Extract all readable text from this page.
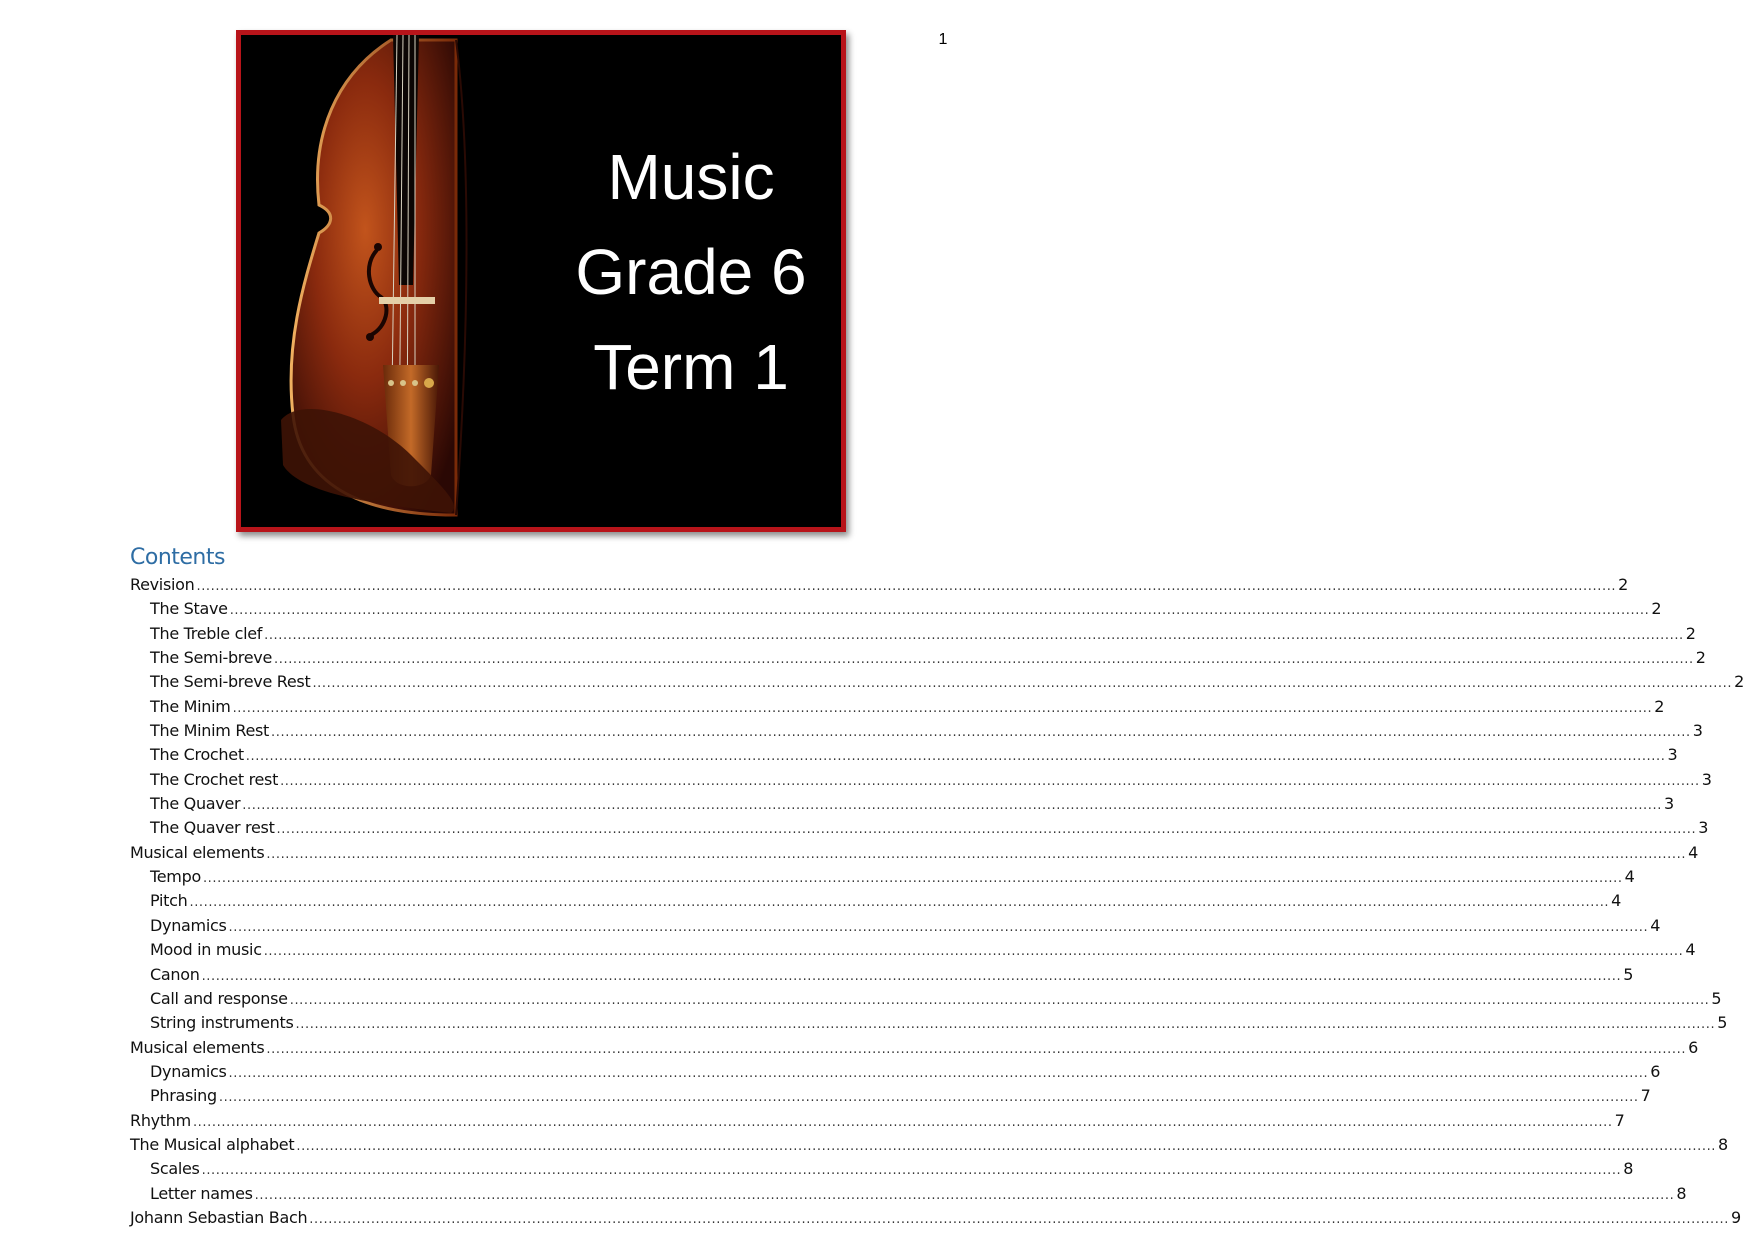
1
Music
Grade 6
Term 1
Contents
Revision ............................................................................................................................................................................................................................................................................................................ 2
The Stave ............................................................................................................................................................................................................................................................................................................ 2
The Treble clef ............................................................................................................................................................................................................................................................................................................ 2
The Semi-breve ............................................................................................................................................................................................................................................................................................................ 2
The Semi-breve Rest ............................................................................................................................................................................................................................................................................................................ 2
The Minim ............................................................................................................................................................................................................................................................................................................ 2
The Minim Rest ............................................................................................................................................................................................................................................................................................................ 3
The Crochet ............................................................................................................................................................................................................................................................................................................ 3
The Crochet rest ............................................................................................................................................................................................................................................................................................................ 3
The Quaver ............................................................................................................................................................................................................................................................................................................ 3
The Quaver rest ............................................................................................................................................................................................................................................................................................................ 3
Musical elements ............................................................................................................................................................................................................................................................................................................ 4
Tempo ............................................................................................................................................................................................................................................................................................................ 4
Pitch ............................................................................................................................................................................................................................................................................................................ 4
Dynamics ............................................................................................................................................................................................................................................................................................................ 4
Mood in music ............................................................................................................................................................................................................................................................................................................ 4
Canon ............................................................................................................................................................................................................................................................................................................ 5
Call and response ............................................................................................................................................................................................................................................................................................................ 5
String instruments ............................................................................................................................................................................................................................................................................................................ 5
Musical elements ............................................................................................................................................................................................................................................................................................................ 6
Dynamics ............................................................................................................................................................................................................................................................................................................ 6
Phrasing ............................................................................................................................................................................................................................................................................................................ 7
Rhythm ............................................................................................................................................................................................................................................................................................................ 7
The Musical alphabet ............................................................................................................................................................................................................................................................................................................ 8
Scales ............................................................................................................................................................................................................................................................................................................ 8
Letter names ............................................................................................................................................................................................................................................................................................................ 8
Johann Sebastian Bach ............................................................................................................................................................................................................................................................................................................ 9
